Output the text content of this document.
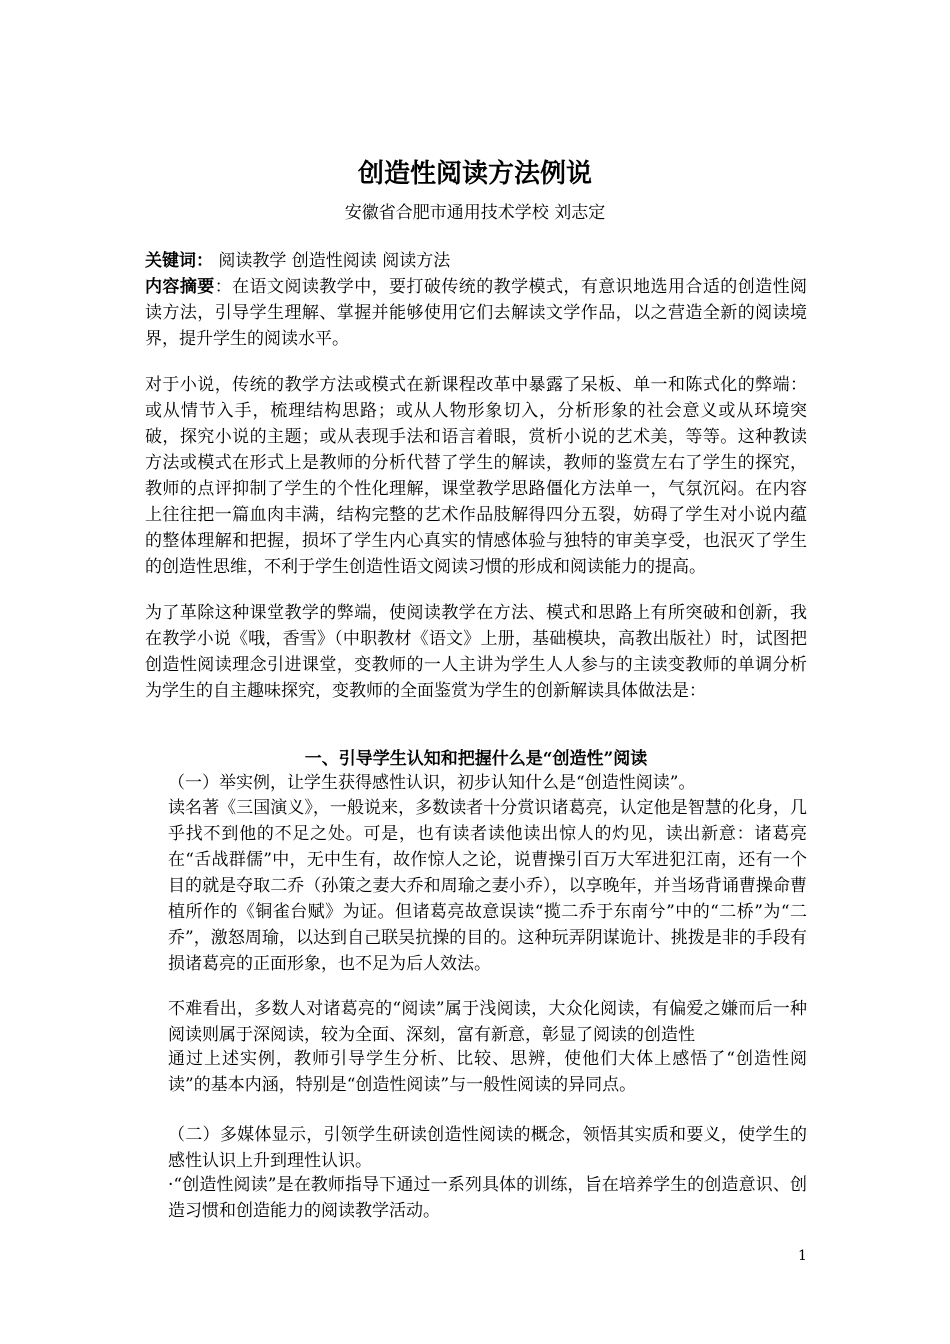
创造性阅读方法例说
安徽省合肥市通用技术学校 刘志定
关键词： 阅读教学 创造性阅读 阅读方法
内容摘要：在语文阅读教学中，要打破传统的教学模式，有意识地选用合适的创造性阅读方法，引导学生理解、掌握并能够使用它们去解读文学作品，以之营造全新的阅读境界，提升学生的阅读水平。
对于小说，传统的教学方法或模式在新课程改革中暴露了呆板、单一和陈式化的弊端：或从情节入手，梳理结构思路；或从人物形象切入，分析形象的社会意义或从环境突破，探究小说的主题；或从表现手法和语言着眼，赏析小说的艺术美，等等。这种教读方法或模式在形式上是教师的分析代替了学生的解读，教师的鉴赏左右了学生的探究，教师的点评抑制了学生的个性化理解，课堂教学思路僵化方法单一，气氛沉闷。在内容上往往把一篇血肉丰满，结构完整的艺术作品肢解得四分五裂，妨碍了学生对小说内蕴的整体理解和把握，损坏了学生内心真实的情感体验与独特的审美享受，也泯灭了学生的创造性思维，不利于学生创造性语文阅读习惯的形成和阅读能力的提高。
为了革除这种课堂教学的弊端，使阅读教学在方法、模式和思路上有所突破和创新，我在教学小说《哦，香雪》（中职教材《语文》上册，基础模块，高教出版社）时，试图把创造性阅读理念引进课堂，变教师的一人主讲为学生人人参与的主读变教师的单调分析为学生的自主趣味探究，变教师的全面鉴赏为学生的创新解读具体做法是：
一、引导学生认知和把握什么是“创造性”阅读
（一）举实例，让学生获得感性认识，初步认知什么是“创造性阅读”。
读名著《三国演义》，一般说来，多数读者十分赏识诸葛亮，认定他是智慧的化身，几乎找不到他的不足之处。可是，也有读者读他读出惊人的灼见，读出新意：诸葛亮在“舌战群儒”中，无中生有，故作惊人之论，说曹操引百万大军进犯江南，还有一个目的就是夺取二乔（孙策之妻大乔和周瑜之妻小乔），以享晚年，并当场背诵曹操命曹植所作的《铜雀台赋》为证。但诸葛亮故意误读“揽二乔于东南兮”中的“二桥”为“二乔”，激怒周瑜，以达到自己联吴抗操的目的。这种玩弄阴谋诡计、挑拨是非的手段有损诸葛亮的正面形象，也不足为后人效法。
不难看出，多数人对诸葛亮的“阅读”属于浅阅读，大众化阅读，有偏爱之嫌而后一种阅读则属于深阅读，较为全面、深刻，富有新意，彰显了阅读的创造性
通过上述实例，教师引导学生分析、比较、思辨，使他们大体上感悟了“创造性阅读”的基本内涵，特别是“创造性阅读”与一般性阅读的异同点。
（二）多媒体显示，引领学生研读创造性阅读的概念，领悟其实质和要义，使学生的感性认识上升到理性认识。
·“创造性阅读”是在教师指导下通过一系列具体的训练，旨在培养学生的创造意识、创造习惯和创造能力的阅读教学活动。
1
